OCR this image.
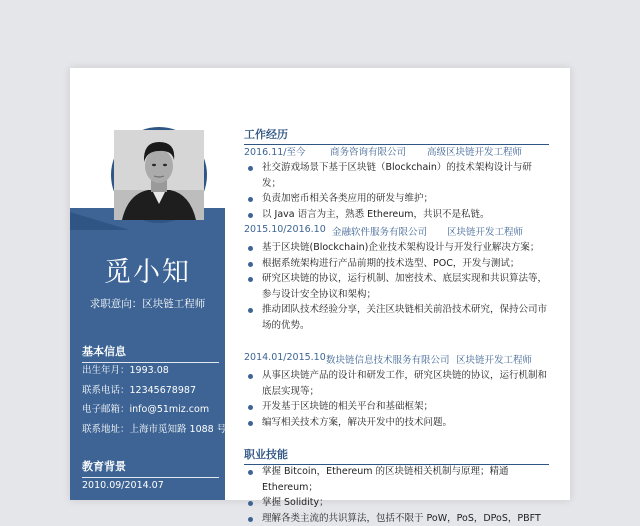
觅小知
求职意向：区块链工程师
基本信息
出生年月：1993.08
联系电话：12345678987
电子邮箱：info@51miz.com
联系地址：上海市觅知路 1088 号
教育背景
2010.09/2014.07
工作经历
2016.11/至今	商务咨询有限公司 高级区块链开发工程师
社交游戏场景下基于区块链（Blockchain）的技术架构设计与研发；
负责加密币相关各类应用的研发与维护；
以 Java 语言为主，熟悉 Ethereum，共识不是私链。
2015.10/2016.10 金融软件服务有限公司 区块链开发工程师
基于区块链(Blockchain)企业技术架构设计与开发行业解决方案；
根据系统架构进行产品前期的技术选型、POC，开发与测试；
研究区块链的协议，运行机制、加密技术、底层实现和共识算法等，参与设计安全协议和架构；
推动团队技术经验分享，关注区块链相关前沿技术研究，保持公司市场的优势。
2014.01/2015.10 数块链信息技术服务有限公司 区块链开发工程师
从事区块链产品的设计和研发工作，研究区块链的协议，运行机制和底层实现等；
开发基于区块链的相关平台和基础框架；
编写相关技术方案，解决开发中的技术问题。
职业技能
掌握 Bitcoin，Ethereum 的区块链相关机制与原理；精通 Ethereum；
掌握 Solidity；
理解各类主流的共识算法，包括不限于 PoW，PoS，DPoS，PBFT
